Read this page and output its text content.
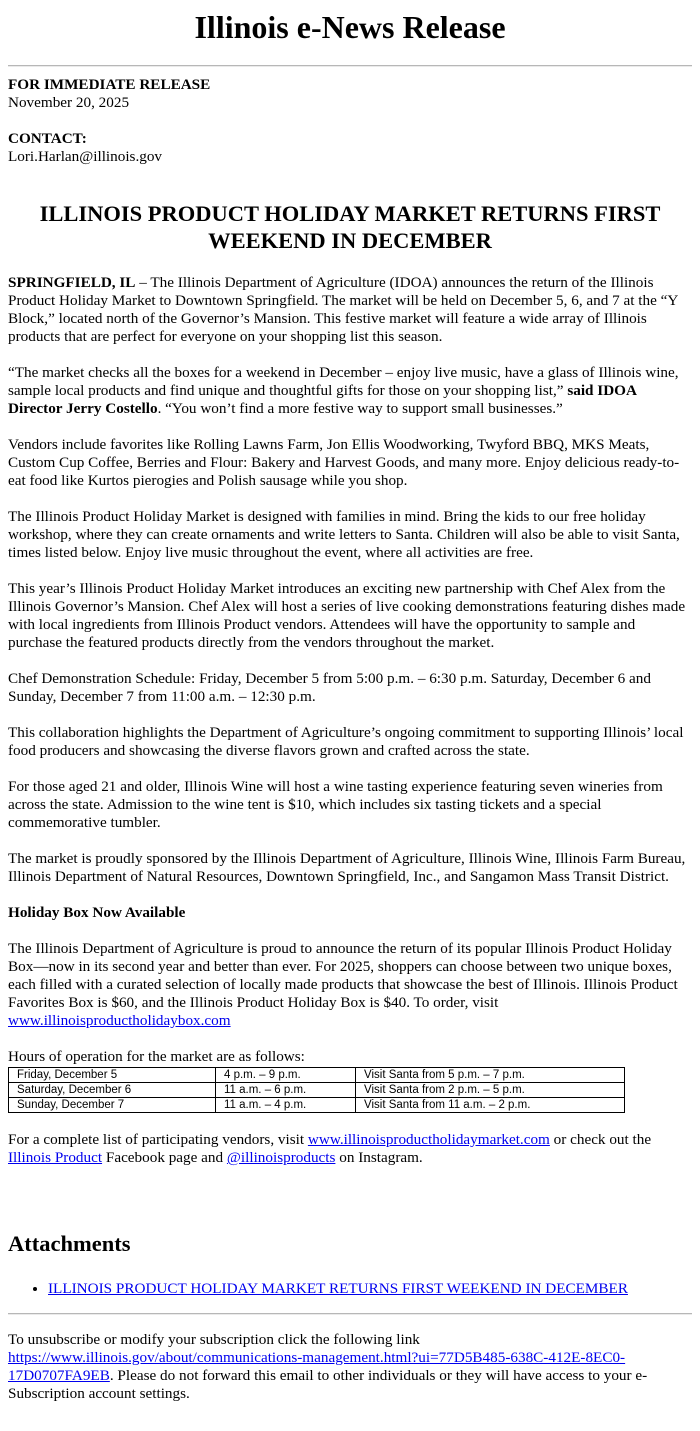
Illinois e-News Release
FOR IMMEDIATE RELEASE
November 20, 2025
CONTACT:
Lori.Harlan@illinois.gov
ILLINOIS PRODUCT HOLIDAY MARKET RETURNS FIRST WEEKEND IN DECEMBER

SPRINGFIELD, IL – The Illinois Department of Agriculture (IDOA) announces the return of the Illinois Product Holiday Market to Downtown Springfield. The market will be held on December 5, 6, and 7 at the “Y Block,” located north of the Governor’s Mansion. This festive market will feature a wide array of Illinois products that are perfect for everyone on your shopping list this season.

“The market checks all the boxes for a weekend in December – enjoy live music, have a glass of Illinois wine, sample local products and find unique and thoughtful gifts for those on your shopping list,” said IDOA Director Jerry Costello. “You won’t find a more festive way to support small businesses.”

Vendors include favorites like Rolling Lawns Farm, Jon Ellis Woodworking, Twyford BBQ, MKS Meats, Custom Cup Coffee, Berries and Flour: Bakery and Harvest Goods, and many more. Enjoy delicious ready-to-eat food like Kurtos pierogies and Polish sausage while you shop.

The Illinois Product Holiday Market is designed with families in mind. Bring the kids to our free holiday workshop, where they can create ornaments and write letters to Santa. Children will also be able to visit Santa, times listed below. Enjoy live music throughout the event, where all activities are free.

This year’s Illinois Product Holiday Market introduces an exciting new partnership with Chef Alex from the Illinois Governor’s Mansion. Chef Alex will host a series of live cooking demonstrations featuring dishes made with local ingredients from Illinois Product vendors. Attendees will have the opportunity to sample and purchase the featured products directly from the vendors throughout the market.

Chef Demonstration Schedule: Friday, December 5 from 5:00 p.m. – 6:30 p.m. Saturday, December 6 and Sunday, December 7 from 11:00 a.m. – 12:30 p.m.

This collaboration highlights the Department of Agriculture’s ongoing commitment to supporting Illinois’ local food producers and showcasing the diverse flavors grown and crafted across the state.

For those aged 21 and older, Illinois Wine will host a wine tasting experience featuring seven wineries from across the state. Admission to the wine tent is $10, which includes six tasting tickets and a special commemorative tumbler.

The market is proudly sponsored by the Illinois Department of Agriculture, Illinois Wine, Illinois Farm Bureau, Illinois Department of Natural Resources, Downtown Springfield, Inc., and Sangamon Mass Transit District.

Holiday Box Now Available

The Illinois Department of Agriculture is proud to announce the return of its popular Illinois Product Holiday Box—now in its second year and better than ever. For 2025, shoppers can choose between two unique boxes, each filled with a curated selection of locally made products that showcase the best of Illinois. Illinois Product Favorites Box is $60, and the Illinois Product Holiday Box is $40. To order, visit www.illinoisproductholidaybox.com

Hours of operation for the market are as follows:

Friday, December 5	4 p.m. – 9 p.m.	Visit Santa from 5 p.m. – 7 p.m.
Saturday, December 6	11 a.m. – 6 p.m.	Visit Santa from 2 p.m. – 5 p.m.
Sunday, December 7	11 a.m. – 4 p.m.	Visit Santa from 11 a.m. – 2 p.m.

For a complete list of participating vendors, visit www.illinoisproductholidaymarket.com or check out the Illinois Product Facebook page and @illinoisproducts on Instagram.

Attachments
• ILLINOIS PRODUCT HOLIDAY MARKET RETURNS FIRST WEEKEND IN DECEMBER

To unsubscribe or modify your subscription click the following link https://www.illinois.gov/about/communications-management.html?ui=77D5B485-638C-412E-8EC0-17D0707FA9EB. Please do not forward this email to other individuals or they will have access to your e-Subscription account settings.
